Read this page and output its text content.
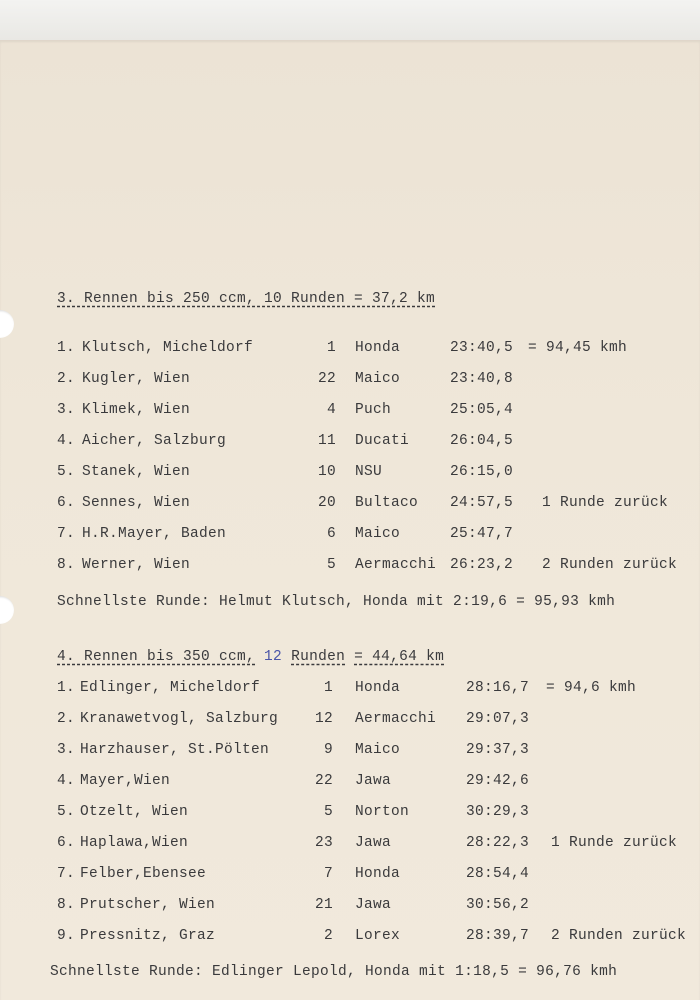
3. Rennen bis 250 ccm, 10 Runden = 37,2 km
1. Klutsch, Micheldorf	1 Honda	23:40,5 = 94,45 kmh
2. Kugler, Wien	22 Maico	23:40,8
3. Klimek, Wien	4 Puch	25:05,4
4. Aicher, Salzburg	11 Ducati	26:04,5
5. Stanek, Wien	10 NSU	26:15,0
6. Sennes, Wien	20 Bultaco 24:57,5 1 Runde zurück
7. H.R.Mayer, Baden	6 Maico	25:47,7
8. Werner, Wien	5 Aermacchi 26:23,2 2 Runden zurück
Schnellste Runde: Helmut Klutsch, Honda mit 2:19,6 = 95,93 kmh
4. Rennen bis 350 ccm, 12 Runden = 44,64 km
1. Edlinger, Micheldorf	1 Honda	28:16,7 = 94,6 kmh
2. Kranawetvogl, Salzburg	12 Aermacchi 29:07,3
3. Harzhauser, St.Pölten	9 Maico	29:37,3
4. Mayer,Wien	22 Jawa	29:42,6
5. Otzelt, Wien	5 Norton	30:29,3
6. Haplawa,Wien	23 Jawa	28:22,3 1 Runde zurück
7. Felber,Ebensee	7 Honda	28:54,4
8. Prutscher, Wien	21 Jawa	30:56,2
9. Pressnitz, Graz	2 Lorex	28:39,7 2 Runden zurück
Schnellste Runde: Edlinger Lepold, Honda mit 1:18,5 = 96,76 kmh
